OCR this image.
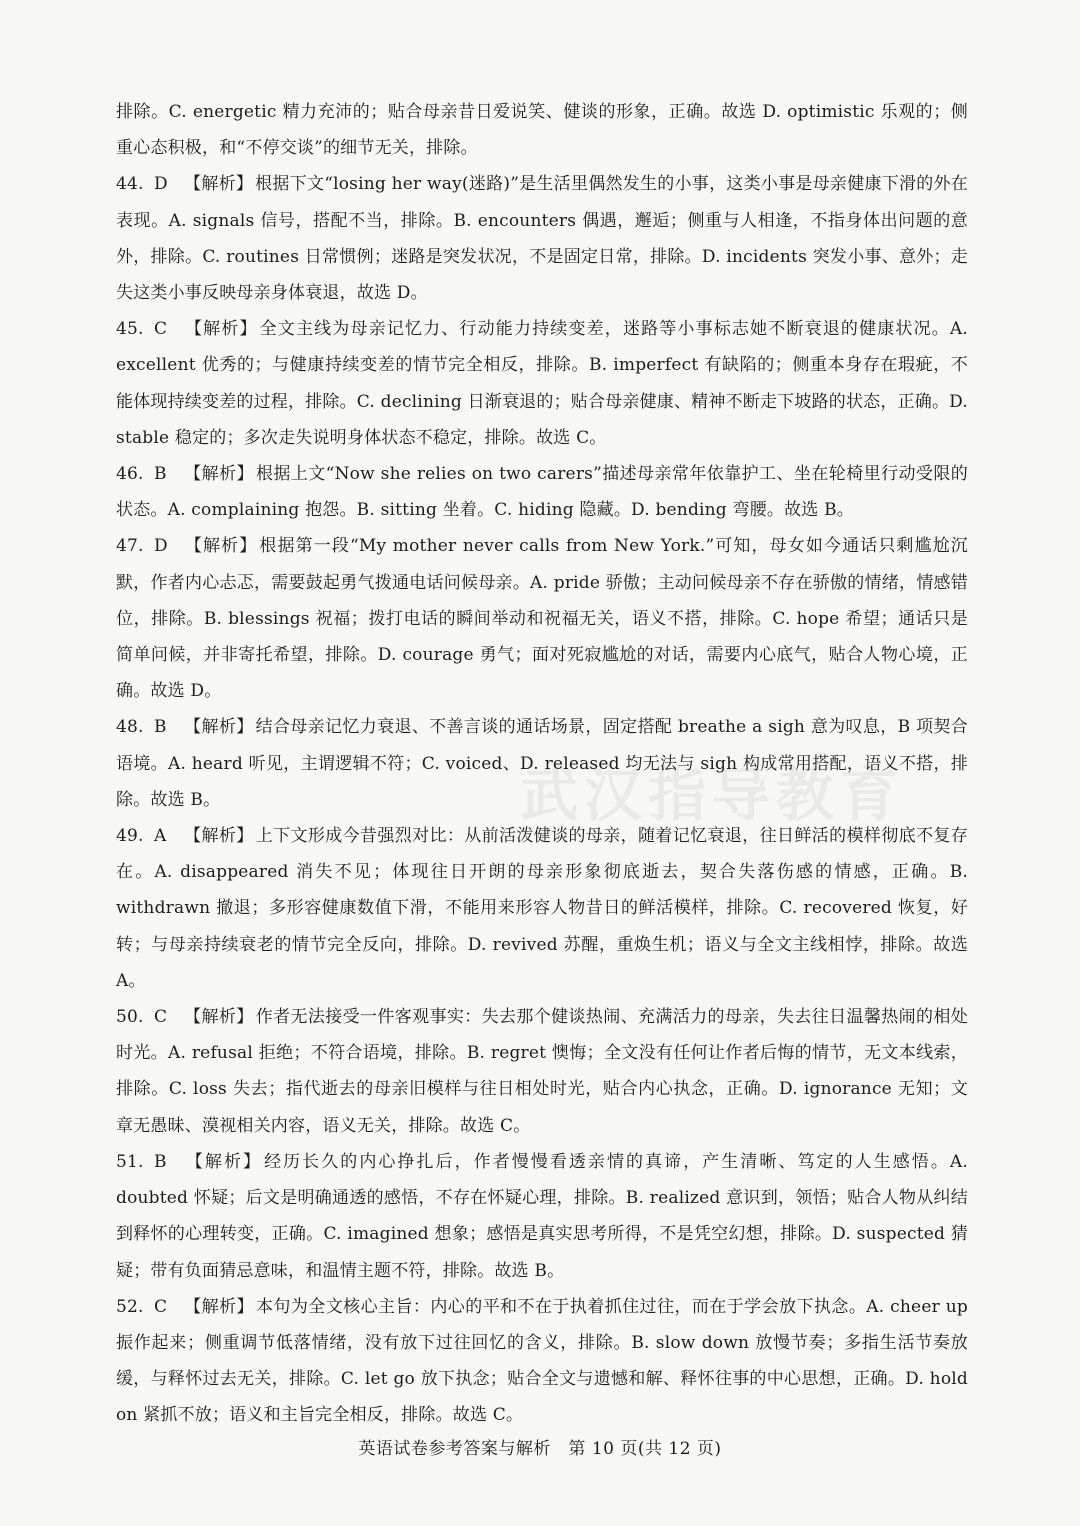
武汉指导教育

排除。C. energetic 精力充沛的；贴合母亲昔日爱说笑、健谈的形象，正确。故选 D. optimistic 乐观的；侧重心态积极，和“不停交谈”的细节无关，排除。

44. D 【解析】 根据下文“losing her way(迷路)”是生活里偶然发生的小事，这类小事是母亲健康下滑的外在表现。A. signals 信号，搭配不当，排除。B. encounters 偶遇，邂逅；侧重与人相逢，不指身体出问题的意外，排除。C. routines 日常惯例；迷路是突发状况，不是固定日常，排除。D. incidents 突发小事、意外；走失这类小事反映母亲身体衰退，故选 D。

45. C 【解析】 全文主线为母亲记忆力、行动能力持续变差，迷路等小事标志她不断衰退的健康状况。A. excellent 优秀的；与健康持续变差的情节完全相反，排除。B. imperfect 有缺陷的；侧重本身存在瑕疵，不能体现持续变差的过程，排除。C. declining 日渐衰退的；贴合母亲健康、精神不断走下坡路的状态，正确。D. stable 稳定的；多次走失说明身体状态不稳定，排除。故选 C。

46. B 【解析】 根据上文“Now she relies on two carers”描述母亲常年依靠护工、坐在轮椅里行动受限的状态。A. complaining 抱怨。B. sitting 坐着。C. hiding 隐藏。D. bending 弯腰。故选 B。

47. D 【解析】 根据第一段“My mother never calls from New York.”可知，母女如今通话只剩尴尬沉默，作者内心忐忑，需要鼓起勇气拨通电话问候母亲。A. pride 骄傲；主动问候母亲不存在骄傲的情绪，情感错位，排除。B. blessings 祝福；拨打电话的瞬间举动和祝福无关，语义不搭，排除。C. hope 希望；通话只是简单问候，并非寄托希望，排除。D. courage 勇气；面对死寂尴尬的对话，需要内心底气，贴合人物心境，正确。故选 D。

48. B 【解析】 结合母亲记忆力衰退、不善言谈的通话场景，固定搭配 breathe a sigh 意为叹息，B 项契合语境。A. heard 听见，主谓逻辑不符；C. voiced、D. released 均无法与 sigh 构成常用搭配，语义不搭，排除。故选 B。

49. A 【解析】 上下文形成今昔强烈对比：从前活泼健谈的母亲，随着记忆衰退，往日鲜活的模样彻底不复存在。A. disappeared 消失不见；体现往日开朗的母亲形象彻底逝去，契合失落伤感的情感，正确。B. withdrawn 撤退；多形容健康数值下滑，不能用来形容人物昔日的鲜活模样，排除。C. recovered 恢复，好转；与母亲持续衰老的情节完全反向，排除。D. revived 苏醒，重焕生机；语义与全文主线相悖，排除。故选 A。

50. C 【解析】 作者无法接受一件客观事实：失去那个健谈热闹、充满活力的母亲，失去往日温馨热闹的相处时光。A. refusal 拒绝；不符合语境，排除。B. regret 懊悔；全文没有任何让作者后悔的情节，无文本线索，排除。C. loss 失去；指代逝去的母亲旧模样与往日相处时光，贴合内心执念，正确。D. ignorance 无知；文章无愚昧、漠视相关内容，语义无关，排除。故选 C。

51. B 【解析】 经历长久的内心挣扎后，作者慢慢看透亲情的真谛，产生清晰、笃定的人生感悟。A. doubted 怀疑；后文是明确通透的感悟，不存在怀疑心理，排除。B. realized 意识到，领悟；贴合人物从纠结到释怀的心理转变，正确。C. imagined 想象；感悟是真实思考所得，不是凭空幻想，排除。D. suspected 猜疑；带有负面猜忌意味，和温情主题不符，排除。故选 B。

52. C 【解析】 本句为全文核心主旨：内心的平和不在于执着抓住过往，而在于学会放下执念。A. cheer up 振作起来；侧重调节低落情绪，没有放下过往回忆的含义，排除。B. slow down 放慢节奏；多指生活节奏放缓，与释怀过去无关，排除。C. let go 放下执念；贴合全文与遗憾和解、释怀往事的中心思想，正确。D. hold on 紧抓不放；语义和主旨完全相反，排除。故选 C。

英语试卷参考答案与解析　第 10 页(共 12 页)
